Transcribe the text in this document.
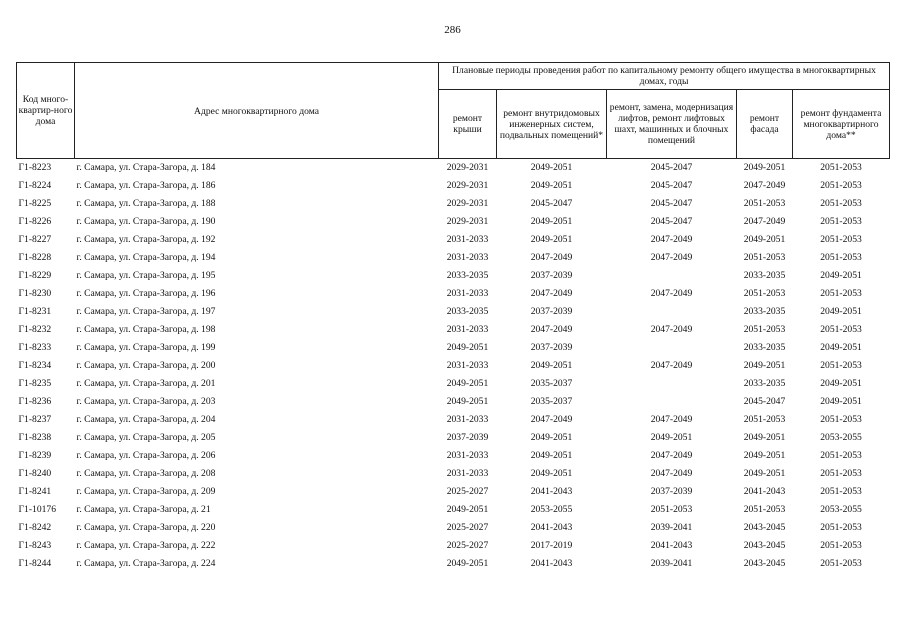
286
Код много-квартир-ного дома	Адрес многоквартирного дома	Плановые периоды проведения работ по капитальному ремонту общего имущества в многоквартирных домах, годы				
		ремонт крыши	ремонт внутридомовых инженерных систем, подвальных помещений*	ремонт, замена, модернизация лифтов, ремонт лифтовых шахт, машинных и блочных помещений	ремонт фасада	ремонт фундамента многоквартирного дома**
Г1-8223	г. Самара, ул. Стара-Загора, д. 184	2029-2031	2049-2051	2045-2047	2049-2051	2051-2053
Г1-8224	г. Самара, ул. Стара-Загора, д. 186	2029-2031	2049-2051	2045-2047	2047-2049	2051-2053
Г1-8225	г. Самара, ул. Стара-Загора, д. 188	2029-2031	2045-2047	2045-2047	2051-2053	2051-2053
Г1-8226	г. Самара, ул. Стара-Загора, д. 190	2029-2031	2049-2051	2045-2047	2047-2049	2051-2053
Г1-8227	г. Самара, ул. Стара-Загора, д. 192	2031-2033	2049-2051	2047-2049	2049-2051	2051-2053
Г1-8228	г. Самара, ул. Стара-Загора, д. 194	2031-2033	2047-2049	2047-2049	2051-2053	2051-2053
Г1-8229	г. Самара, ул. Стара-Загора, д. 195	2033-2035	2037-2039		2033-2035	2049-2051
Г1-8230	г. Самара, ул. Стара-Загора, д. 196	2031-2033	2047-2049	2047-2049	2051-2053	2051-2053
Г1-8231	г. Самара, ул. Стара-Загора, д. 197	2033-2035	2037-2039		2033-2035	2049-2051
Г1-8232	г. Самара, ул. Стара-Загора, д. 198	2031-2033	2047-2049	2047-2049	2051-2053	2051-2053
Г1-8233	г. Самара, ул. Стара-Загора, д. 199	2049-2051	2037-2039		2033-2035	2049-2051
Г1-8234	г. Самара, ул. Стара-Загора, д. 200	2031-2033	2049-2051	2047-2049	2049-2051	2051-2053
Г1-8235	г. Самара, ул. Стара-Загора, д. 201	2049-2051	2035-2037		2033-2035	2049-2051
Г1-8236	г. Самара, ул. Стара-Загора, д. 203	2049-2051	2035-2037		2045-2047	2049-2051
Г1-8237	г. Самара, ул. Стара-Загора, д. 204	2031-2033	2047-2049	2047-2049	2051-2053	2051-2053
Г1-8238	г. Самара, ул. Стара-Загора, д. 205	2037-2039	2049-2051	2049-2051	2049-2051	2053-2055
Г1-8239	г. Самара, ул. Стара-Загора, д. 206	2031-2033	2049-2051	2047-2049	2049-2051	2051-2053
Г1-8240	г. Самара, ул. Стара-Загора, д. 208	2031-2033	2049-2051	2047-2049	2049-2051	2051-2053
Г1-8241	г. Самара, ул. Стара-Загора, д. 209	2025-2027	2041-2043	2037-2039	2041-2043	2051-2053
Г1-10176	г. Самара, ул. Стара-Загора, д. 21	2049-2051	2053-2055	2051-2053	2051-2053	2053-2055
Г1-8242	г. Самара, ул. Стара-Загора, д. 220	2025-2027	2041-2043	2039-2041	2043-2045	2051-2053
Г1-8243	г. Самара, ул. Стара-Загора, д. 222	2025-2027	2017-2019	2041-2043	2043-2045	2051-2053
Г1-8244	г. Самара, ул. Стара-Загора, д. 224	2049-2051	2041-2043	2039-2041	2043-2045	2051-2053
